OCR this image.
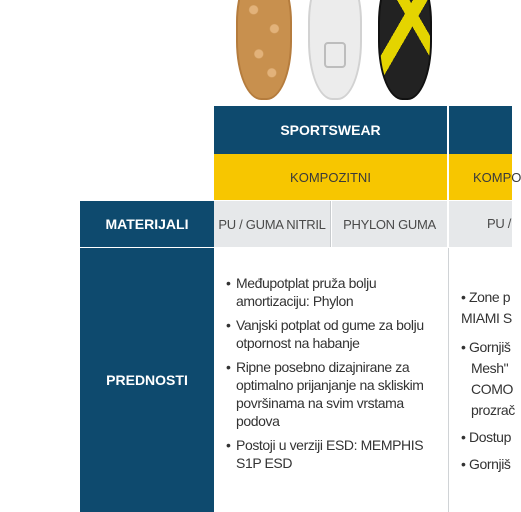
SPORTSWEAR
KOMPOZITNI	KOMPO
MATERIJALI PU / GUMA NITRIL PHYLON GUMA	PU /
PREDNOSTI
• Međupotplat pruža bolju amortizaciju: Phylon
• Vanjski potplat od gume za bolju otpornost na habanje
• Ripne posebno dizajnirane za optimalno prijanjanje na skliskim površinama na svim vrstama podova
• Postoji u verziji ESD: MEMPHIS S1P ESD
• Zone p
MIAMI S
• Gornjiš
Mesh"
COMO
prozrač
• Dostup
• Gornjiš
